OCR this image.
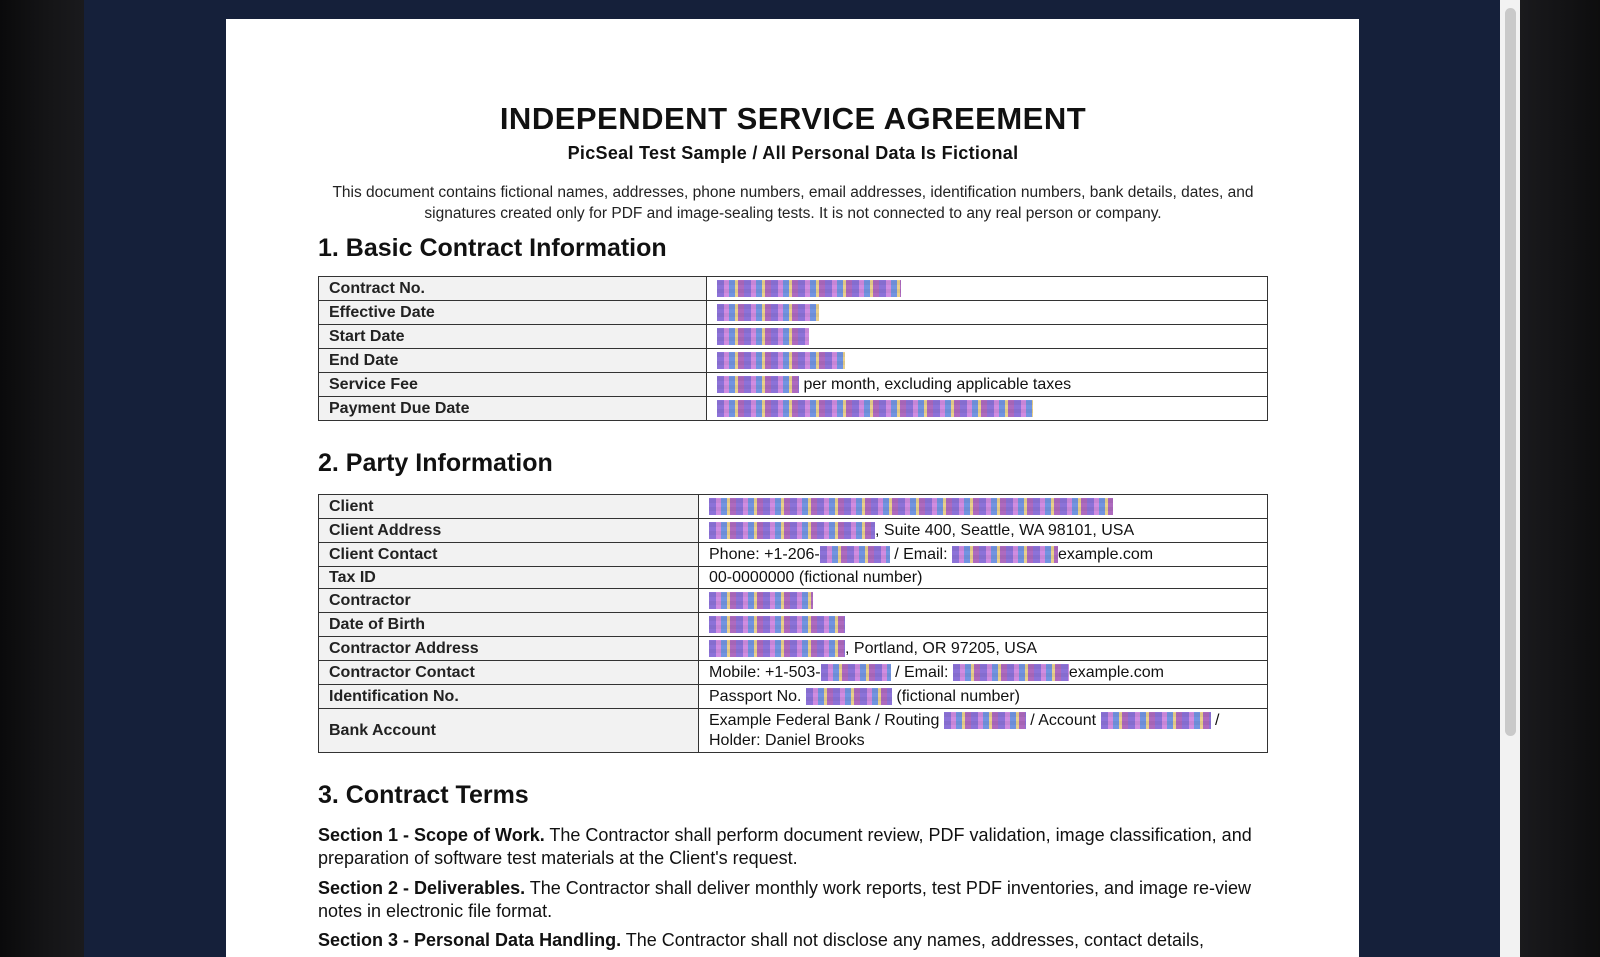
INDEPENDENT SERVICE AGREEMENT
PicSeal Test Sample / All Personal Data Is Fictional
This document contains fictional names, addresses, phone numbers, email addresses, identification numbers, bank details, dates, and signatures created only for PDF and image-sealing tests. It is not connected to any real person or company.
1. Basic Contract Information
Contract No.	
Effective Date	
Start Date	
End Date	
Service Fee	per month, excluding applicable taxes
Payment Due Date	
2. Party Information
Client	
Client Address	, Suite 400, Seattle, WA 98101, USA
Client Contact	Phone: +1-206- / Email: example.com
Tax ID	00-0000000 (fictional number)
Contractor	
Date of Birth	
Contractor Address	, Portland, OR 97205, USA
Contractor Contact	Mobile: +1-503- / Email: example.com
Identification No.	Passport No. (fictional number)
Bank Account	Example Federal Bank / Routing / Account /
Holder: Daniel Brooks
3. Contract Terms
Section 1 - Scope of Work. The Contractor shall perform document review, PDF validation, image classification, and preparation of software test materials at the Client's request.
Section 2 - Deliverables. The Contractor shall deliver monthly work reports, test PDF inventories, and image re-view notes in electronic file format.
Section 3 - Personal Data Handling. The Contractor shall not disclose any names, addresses, contact details,
